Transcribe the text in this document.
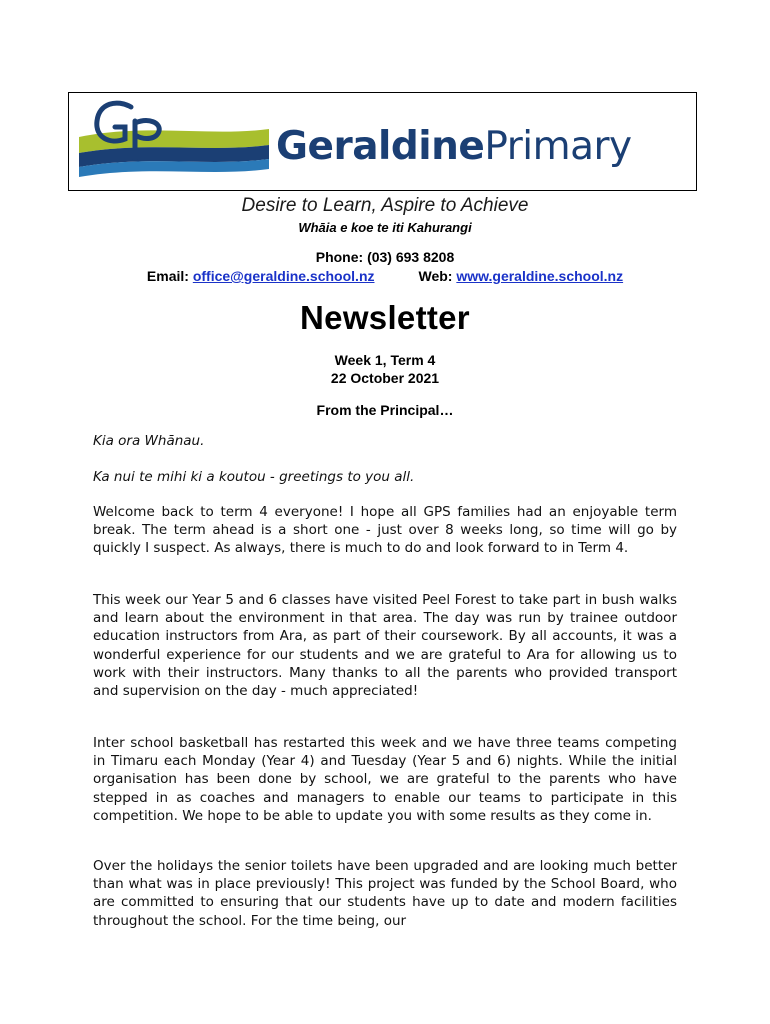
GeraldinePrimary
Desire to Learn, Aspire to Achieve
Whāia e koe te iti Kahurangi
Phone: (03) 693 8208
Email: office@geraldine.school.nz	Web: www.geraldine.school.nz
Newsletter
Week 1, Term 4
22 October 2021
From the Principal…
Kia ora Whānau.
Ka nui te mihi ki a koutou - greetings to you all.
Welcome back to term 4 everyone! I hope all GPS families had an enjoyable term break. The term ahead is a short one - just over 8 weeks long, so time will go by quickly I suspect. As always, there is much to do and look forward to in Term 4.
This week our Year 5 and 6 classes have visited Peel Forest to take part in bush walks and learn about the environment in that area. The day was run by trainee outdoor education instructors from Ara, as part of their coursework. By all accounts, it was a wonderful experience for our students and we are grateful to Ara for allowing us to work with their instructors. Many thanks to all the parents who provided transport and supervision on the day - much appreciated!
Inter school basketball has restarted this week and we have three teams competing in Timaru each Monday (Year 4) and Tuesday (Year 5 and 6) nights. While the initial organisation has been done by school, we are grateful to the parents who have stepped in as coaches and managers to enable our teams to participate in this competition. We hope to be able to update you with some results as they come in.
Over the holidays the senior toilets have been upgraded and are looking much better than what was in place previously! This project was funded by the School Board, who are committed to ensuring that our students have up to date and modern facilities throughout the school. For the time being, our
